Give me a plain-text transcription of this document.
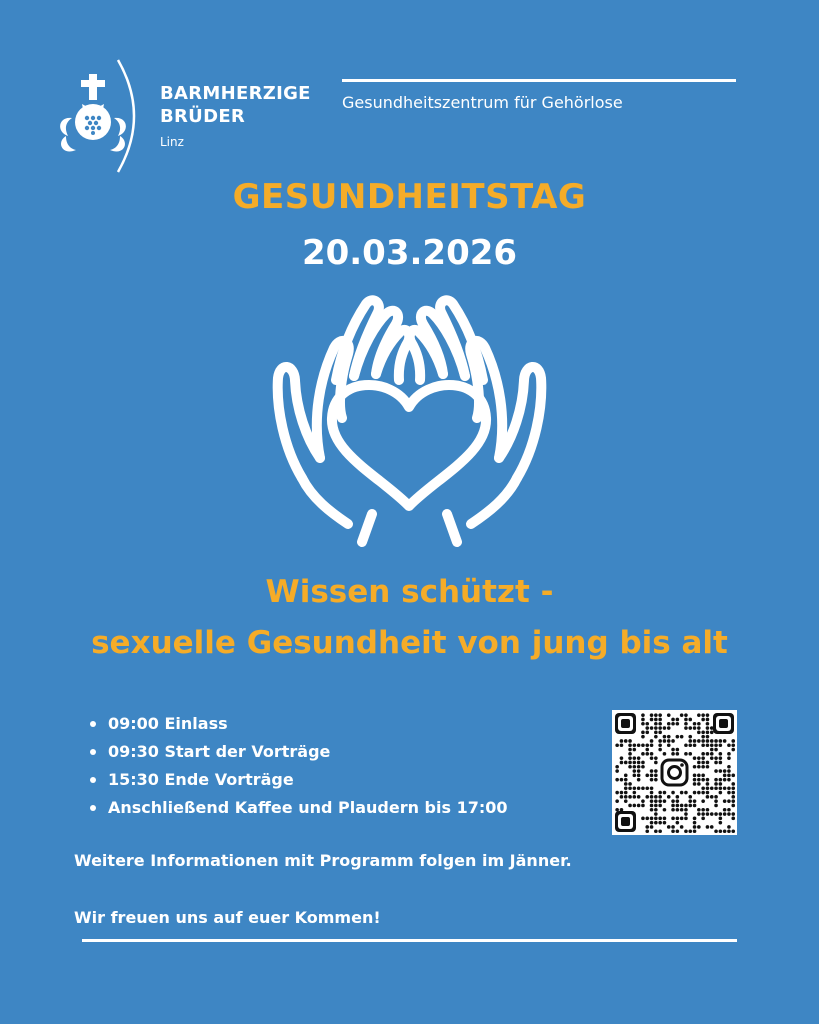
BARMHERZIGE
BRÜDER
Linz
Gesundheitszentrum für Gehörlose
GESUNDHEITSTAG
20.03.2026
Wissen schützt -
sexuelle Gesundheit von jung bis alt
09:00 Einlass
09:30 Start der Vorträge
15:30 Ende Vorträge
Anschließend Kaffee und Plaudern bis 17:00
Weitere Informationen mit Programm folgen im Jänner.
Wir freuen uns auf euer Kommen!
